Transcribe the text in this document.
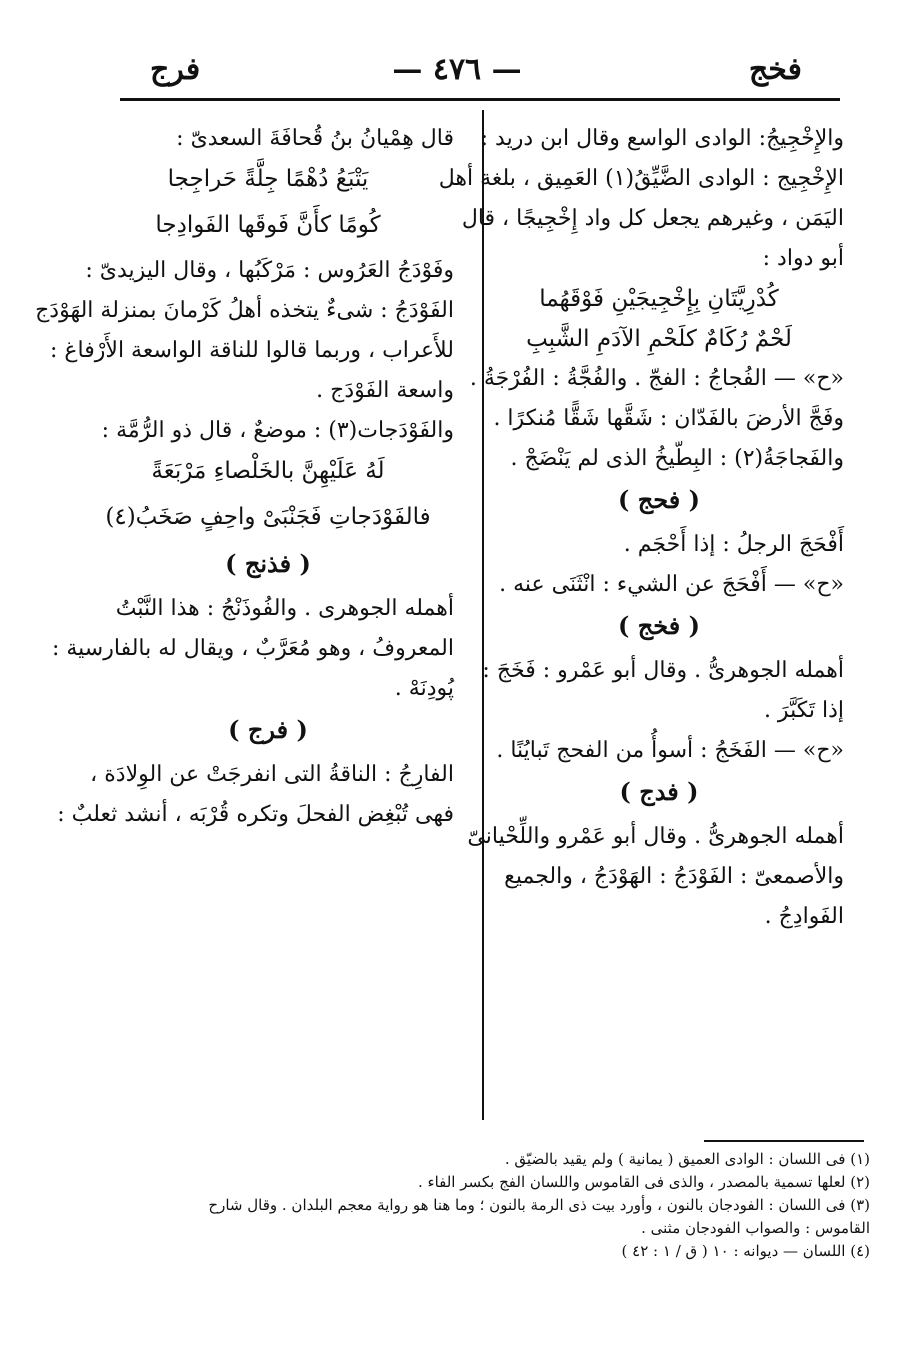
فخج
— ٤٧٦ —
فرج

والإِخْجِيجُ: الوادى الواسع وقال ابن دريد :

الإِخْجِيج : الوادى الضَّيِّقُ(١) العَمِيق ، بلغة أهل

اليَمَن ، وغيرهم يجعل كل واد إِخْجِيجًا ، قال

أبو دواد :

كُدْرِيَّتَانِ بِإِخْجِيجَيْنِ فَوْقَهُما

لَحْمٌ رُكَامٌ كلَحْمِ الآدَمِ الشَّبِبِ

«ح» — الفُجاجُ : الفجّ . والفُجَّةُ : الفُرْجَةُ .

وفَجَّ الأرضَ بالفَدّان : شَقَّها شَقًّا مُنكرًا .

والفَجاجَةُ(٢) : البِطّيخُ الذى لم يَنْضَجْ .

( فحج )

أَفْحَجَ الرجلُ : إذا أَحْجَم .

«ح» — أَفْحَجَ عن الشيء : انْثَنَى عنه .

( فخج )

أهمله الجوهرىُّ . وقال أبو عَمْرو : فَخَجَ :

إذا تَكَبَّرَ .

«ح» — الفَخَجُ : أسوأُ من الفحج تَبايُنًا .

( فدج )

أهمله الجوهرىُّ . وقال أبو عَمْرو واللِّحْيانىّ

والأصمعىّ : الفَوْدَجُ : الهَوْدَجُ ، والجميع

الفَوادِجُ .

قال هِمْيانُ بنُ قُحافَةَ السعدىّ :

يَتْبَعُ دُهْمًا جِلَّةً حَراجِجا

كُومًا كأَنَّ فَوقَها الفَوادِجا

وفَوْدَجُ العَرُوس : مَرْكَبُها ، وقال اليزيدىّ :

الفَوْدَجُ : شىءٌ يتخذه أهلُ كَرْمانَ بمنزلة الهَوْدَج

للأَعراب ، وربما قالوا للناقة الواسعة الأَرْفاغ :

واسعة الفَوْدَج .

والفَوْدَجات(٣) : موضعٌ ، قال ذو الرُّمَّة :

لَهُ عَلَيْهِنَّ بالخَلْصاءِ مَرْبَعَةً

فالفَوْدَجاتِ فَجَنْبَىْ واحِفٍ صَخَبُ(٤)

( فذنج )

أهمله الجوهرى . والفُوذَنْجُ : هذا النَّبْتُ

المعروفُ ، وهو مُعَرَّبٌ ، ويقال له بالفارسية :

پُودِنَهْ .

( فرج )

الفارِجُ : الناقةُ التى انفرجَتْ عن الوِلادَة ،

فهى تُبْغِض الفحلَ وتكره قُرْبَه ، أنشد ثعلبٌ :

(١) فى اللسان : الوادى العميق ( يمانية ) ولم يقيد بالضيّق .

(٢) لعلها تسمية بالمصدر ، والذى فى القاموس واللسان الفج بكسر الفاء .

(٣) فى اللسان : الفودجان بالنون ، وأورد بيت ذى الرمة بالنون ؛ وما هنا هو رواية معجم البلدان . وقال شارح

القاموس : والصواب الفودجان مثنى .

(٤) اللسان — ديوانه : ١٠ ( ق / ١ : ٤٢ )
